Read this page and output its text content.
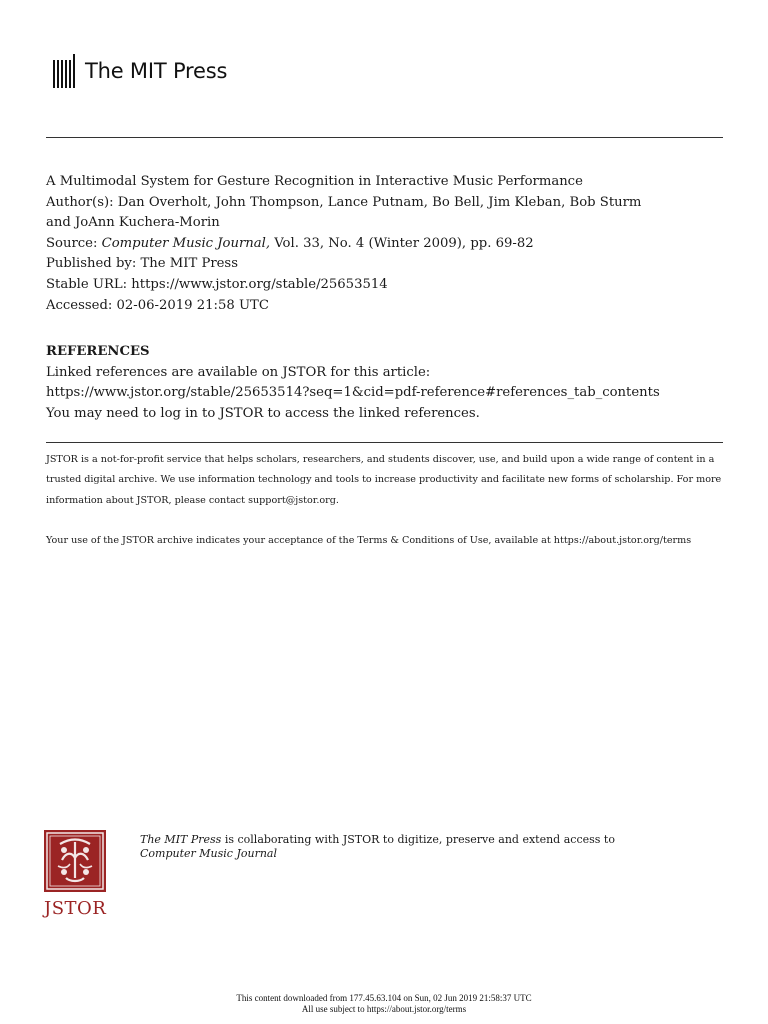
The MIT Press
A Multimodal System for Gesture Recognition in Interactive Music Performance
Author(s): Dan Overholt, John Thompson, Lance Putnam, Bo Bell, Jim Kleban, Bob Sturm
and JoAnn Kuchera-Morin
Source: Computer Music Journal, Vol. 33, No. 4 (Winter 2009), pp. 69-82
Published by: The MIT Press
Stable URL: https://www.jstor.org/stable/25653514
Accessed: 02-06-2019 21:58 UTC
REFERENCES
Linked references are available on JSTOR for this article:
https://www.jstor.org/stable/25653514?seq=1&cid=pdf-reference#references_tab_contents
You may need to log in to JSTOR to access the linked references.

JSTOR is a not-for-profit service that helps scholars, researchers, and students discover, use, and build upon a wide range of content in a trusted digital archive. We use information technology and tools to increase productivity and facilitate new forms of scholarship. For more information about JSTOR, please contact support@jstor.org.

Your use of the JSTOR archive indicates your acceptance of the Terms & Conditions of Use, available at https://about.jstor.org/terms

JSTOR
The MIT Press is collaborating with JSTOR to digitize, preserve and extend access to
Computer Music Journal
This content downloaded from 177.45.63.104 on Sun, 02 Jun 2019 21:58:37 UTC
All use subject to https://about.jstor.org/terms
